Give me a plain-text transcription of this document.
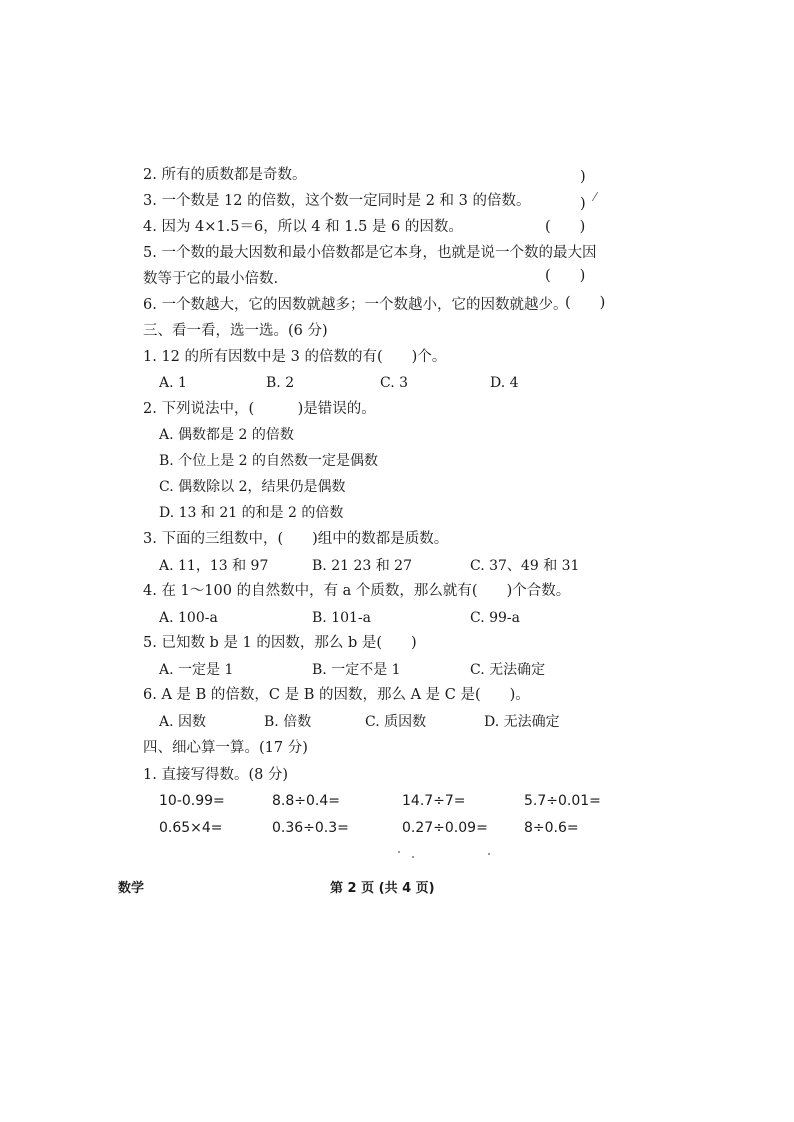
2. 所有的质数都是奇数。	)
3. 一个数是 12 的倍数，这个数一定同时是 2 和 3 的倍数。	) ⁄
4. 因为 4×1.5＝6，所以 4 和 1.5 是 6 的因数。	(　　)
5. 一个数的最大因数和最小倍数都是它本身，也就是说一个数的最大因
数等于它的最小倍数.	(　　)
6. 一个数越大，它的因数就越多；一个数越小，它的因数就越少。
(　　)
三、看一看，选一选。(6 分)
1. 12 的所有因数中是 3 的倍数的有(　　)个。
A. 1	B. 2	C. 3	D. 4
2. 下列说法中，(　　　)是错误的。
A. 偶数都是 2 的倍数
B. 个位上是 2 的自然数一定是偶数
C. 偶数除以 2，结果仍是偶数
D. 13 和 21 的和是 2 的倍数
3. 下面的三组数中，(　　)组中的数都是质数。
A. 11，13 和 97	B. 21 23 和 27	C. 37、49 和 31
4. 在 1～100 的自然数中，有 a 个质数，那么就有(　　)个合数。
A. 100-a	B. 101-a	C. 99-a
5. 已知数 b 是 1 的因数，那么 b 是(　　)
A. 一定是 1	B. 一定不是 1	C. 无法确定
6. A 是 B 的倍数，C 是 B 的因数，那么 A 是 C 是(　　)。
A. 因数	B. 倍数	C. 质因数	D. 无法确定
四、细心算一算。(17 分)
1. 直接写得数。(8 分)
10-0.99=	8.8÷0.4=	14.7÷7=	5.7÷0.01=
0.65×4=	0.36÷0.3=	0.27÷0.09=	8÷0.6=
数学	第 2 页 (共 4 页)
